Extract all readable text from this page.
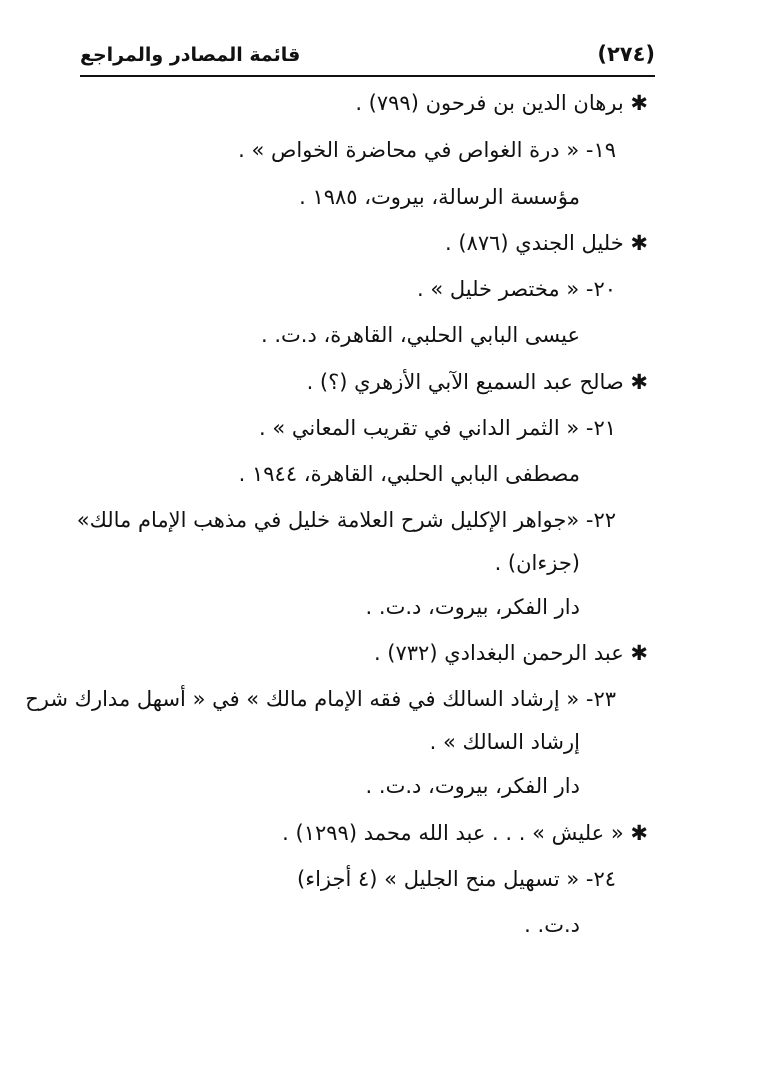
(٢٧٤)
قائمة المصادر والمراجع
✱ برهان الدين بن فرحون (٧٩٩) .
١٩- « درة الغواص في محاضرة الخواص » .
مؤسسة الرسالة، بيروت، ١٩٨٥ .
✱ خليل الجندي (٨٧٦) .
٢٠- « مختصر خليل » .
عيسى البابي الحلبي، القاهرة، د.ت. .
✱ صالح عبد السميع الآبي الأزهري (؟) .
٢١- « الثمر الداني في تقريب المعاني » .
مصطفى البابي الحلبي، القاهرة، ١٩٤٤ .
٢٢- «جواهر الإكليل شرح العلامة خليل في مذهب الإمام مالك»
(جزءان) .
دار الفكر، بيروت، د.ت. .
✱ عبد الرحمن البغدادي (٧٣٢) .
٢٣- « إرشاد السالك في فقه الإمام مالك » في « أسهل مدارك شرح
إرشاد السالك » .
دار الفكر، بيروت، د.ت. .
✱ « عليش » . . . عبد الله محمد (١٢٩٩) .
٢٤- « تسهيل منح الجليل » (٤ أجزاء)
د.ت. .
